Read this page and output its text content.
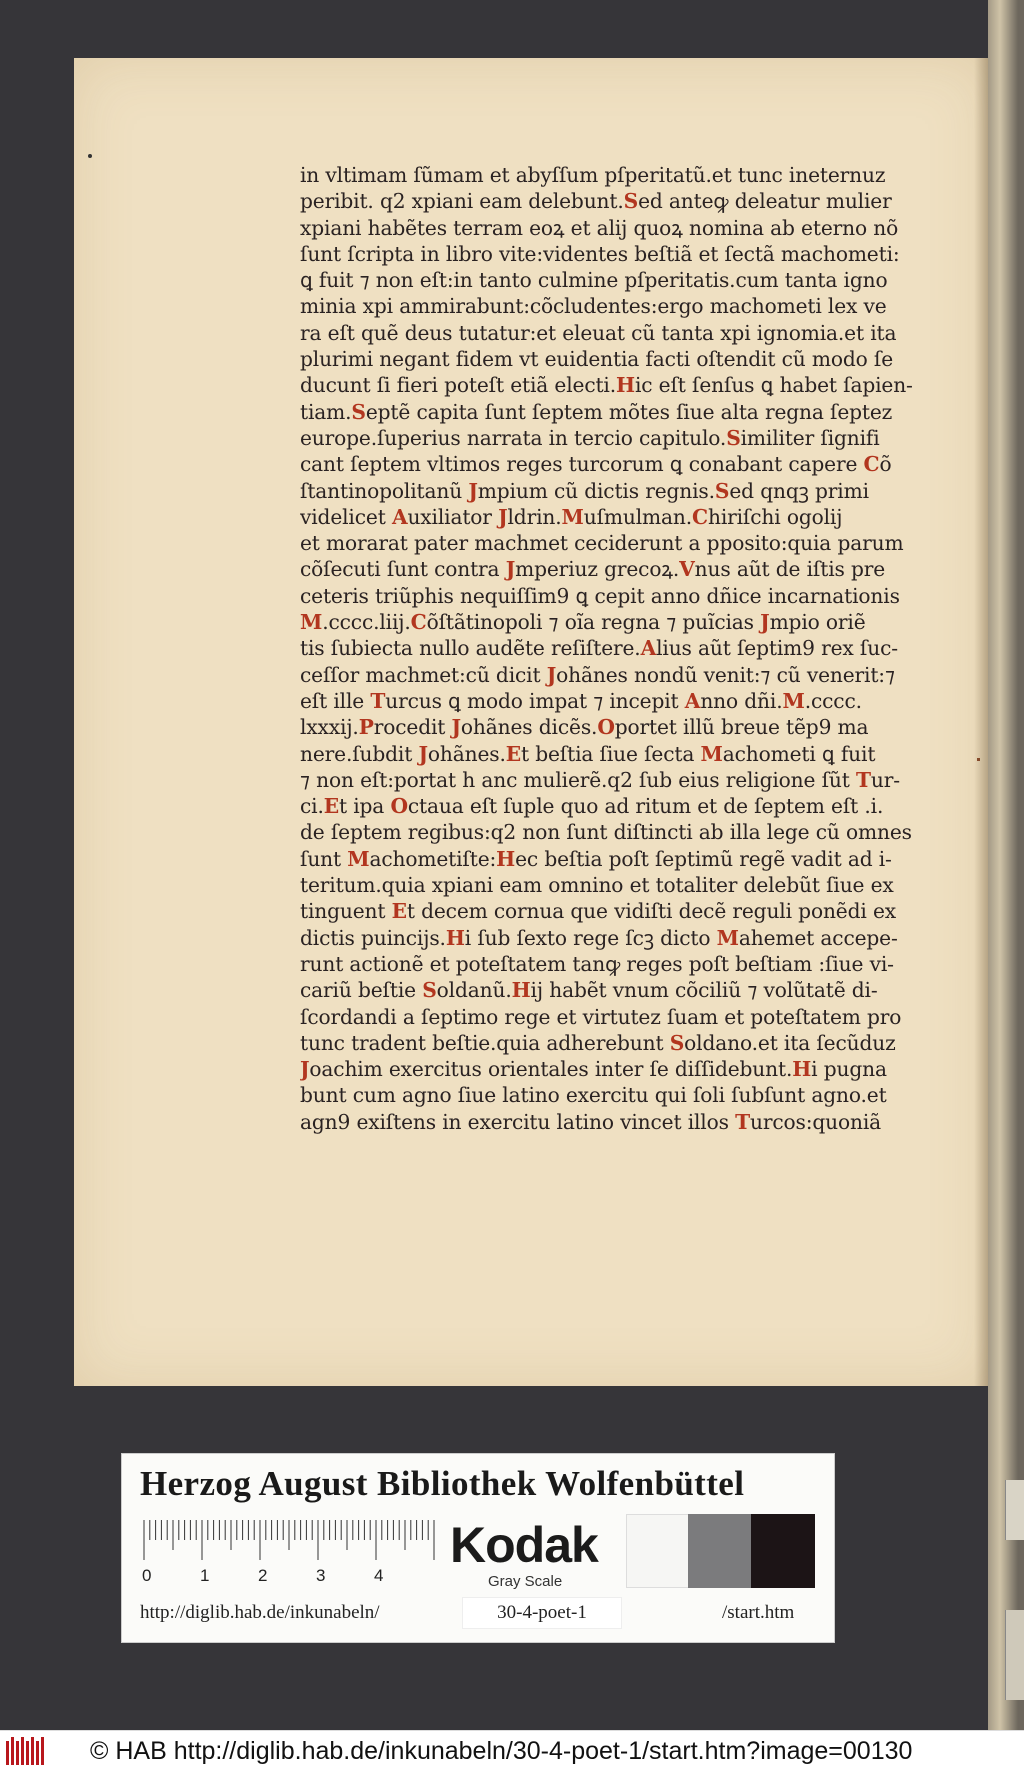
in vltimam ſũmam et abyſſum pſperitatũ.et tunc ineternuz
peribit. q2 xpiani eam delebunt.Sed anteꝙ deleatur mulier
xpiani habẽtes terram eoꝝ et alij quoꝝ nomina ab eterno nõ
ſunt ſcripta in libro vite:videntes beſtiã et ſectã machometi:
ꝗ fuit ⁊ non eſt:in tanto culmine pſperitatis.cum tanta igno
minia xpi ammirabunt:cõcludentes:ergo machometi lex ve
ra eſt quẽ deus tutatur:et eleuat cũ tanta xpi ignomia.et ita
plurimi negant fidem vt euidentia facti oſtendit cũ modo ſe
ducunt ſi fieri poteſt etiã electi.Hic eſt ſenſus ꝗ habet ſapien-
tiam.Septẽ capita ſunt ſeptem mõtes ſiue alta regna ſeptez
europe.ſuperius narrata in tercio capitulo.Similiter ſignifi
cant ſeptem vltimos reges turcorum ꝗ conabant capere Cõ
ſtantinopolitanũ Jmpium cũ dictis regnis.Sed qnqꝫ primi
videlicet Auxiliator Jldrin.Muſmulman.Chiriſchi ogolij
et morarat pater machmet ceciderunt a pposito:quia parum
cõſecuti ſunt contra Jmperiuz grecoꝝ.Vnus aũt de iſtis pre
ceteris triũphis nequiſſim9 ꝗ cepit anno dñice incarnationis
M.cccc.liij.Cõſtãtinopoli ⁊ oĩa regna ⁊ puĩcias Jmpio oriẽ
tis ſubiecta nullo audẽte reſiſtere.Alius aũt ſeptim9 rex ſuc-
ceſſor machmet:cũ dicit Johãnes nondũ venit:⁊ cũ venerit:⁊
eſt ille Turcus ꝗ modo impat ⁊ incepit Anno dñi.M.cccc.
lxxxij.Procedit Johãnes dicẽs.Oportet illũ breue tẽp9 ma
nere.ſubdit Johãnes.Et beſtia ſiue ſecta Machometi ꝗ fuit
⁊ non eſt:portat h anc mulierẽ.q2 ſub eius religione ſũt Tur-
ci.Et ipa Octaua eſt ſuple quo ad ritum et de ſeptem eſt .i.
de ſeptem regibus:q2 non ſunt diſtincti ab illa lege cũ omnes
ſunt Machometiſte:Hec beſtia poſt ſeptimũ regẽ vadit ad i-
teritum.quia xpiani eam omnino et totaliter delebũt ſiue ex
tinguent Et decem cornua que vidiſti decẽ reguli ponẽdi ex
dictis puincijs.Hi ſub ſexto rege ſcꝫ dicto Mahemet accepe-
runt actionẽ et poteſtatem tanꝙ reges poſt beſtiam :ſiue vi-
cariũ beſtie Soldanũ.Hij habẽt vnum cõciliũ ⁊ volũtatẽ di-
ſcordandi a ſeptimo rege et virtutez ſuam et poteſtatem pro
tunc tradent beſtie.quia adherebunt Soldano.et ita ſecũduz
Joachim exercitus orientales inter ſe diſſidebunt.Hi pugna
bunt cum agno ſiue latino exercitu qui ſoli ſubſunt agno.et
agn9 exiſtens in exercitu latino vincet illos Turcos:quoniã
Herzog August Bibliothek Wolfenbüttel
0	1	2	3	4
Kodak
Gray Scale
http://diglib.hab.de/inkunabeln/	30-4-poet-1	/start.htm
© HAB http://diglib.hab.de/inkunabeln/30-4-poet-1/start.htm?image=00130
